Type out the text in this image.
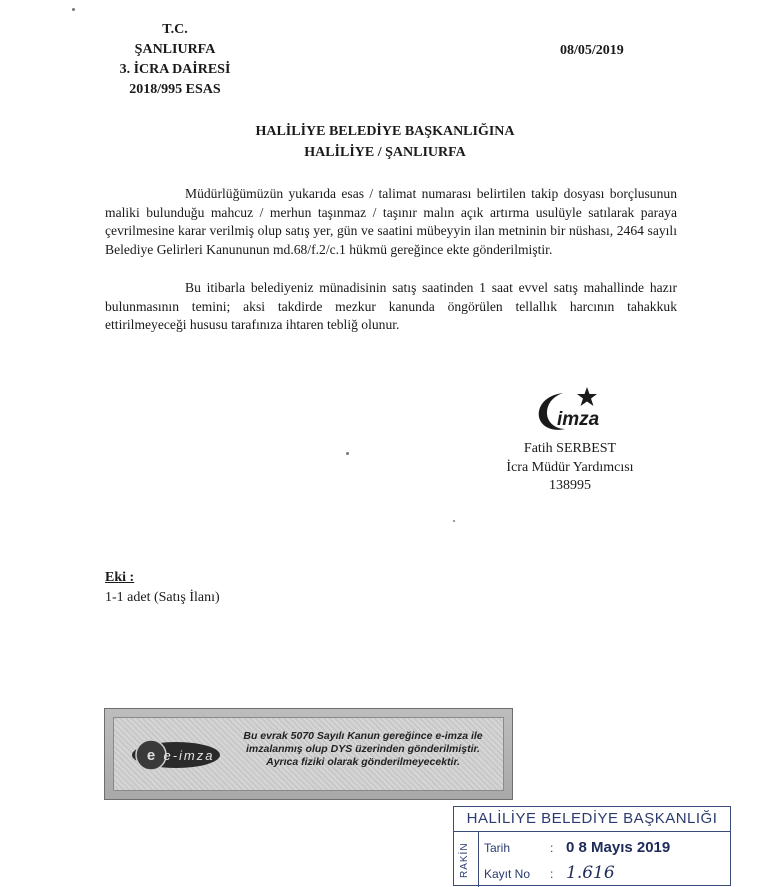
T.C.
ŞANLIURFA
3. İCRA DAİRESİ
2018/995 ESAS
08/05/2019
HALİLİYE BELEDİYE BAŞKANLIĞINA
HALİLİYE / ŞANLIURFA
Müdürlüğümüzün yukarıda esas / talimat numarası belirtilen takip dosyası borçlusunun maliki bulunduğu mahcuz / merhun taşınmaz / taşınır malın açık artırma usulüyle satılarak paraya çevrilmesine karar verilmiş olup satış yer, gün ve saatini mübeyyin ilan metninin bir nüshası, 2464 sayılı Belediye Gelirleri Kanununun md.68/f.2/c.1 hükmü gereğince ekte gönderilmiştir.
Bu itibarla belediyeniz münadisinin satış saatinden 1 saat evvel satış mahallinde hazır bulunmasının temini; aksi takdirde mezkur kanunda öngörülen tellallık harcının tahakkuk ettirilmeyeceği hususu tarafınıza ihtaren tebliğ olunur.
imza
Fatih SERBEST
İcra Müdür Yardımcısı
138995
Eki :
1-1 adet (Satış İlanı)
e e-imza
Bu evrak 5070 Sayılı Kanun gereğince e-imza ile imzalanmış olup DYS üzerinden gönderilmiştir. Ayrıca fiziki olarak gönderilmeyecektir.
HALİLİYE BELEDİYE BAŞKANLIĞI
RAKİN	Tarih	: 0 8 Mayıs 2019
Kayıt No : 1.616
